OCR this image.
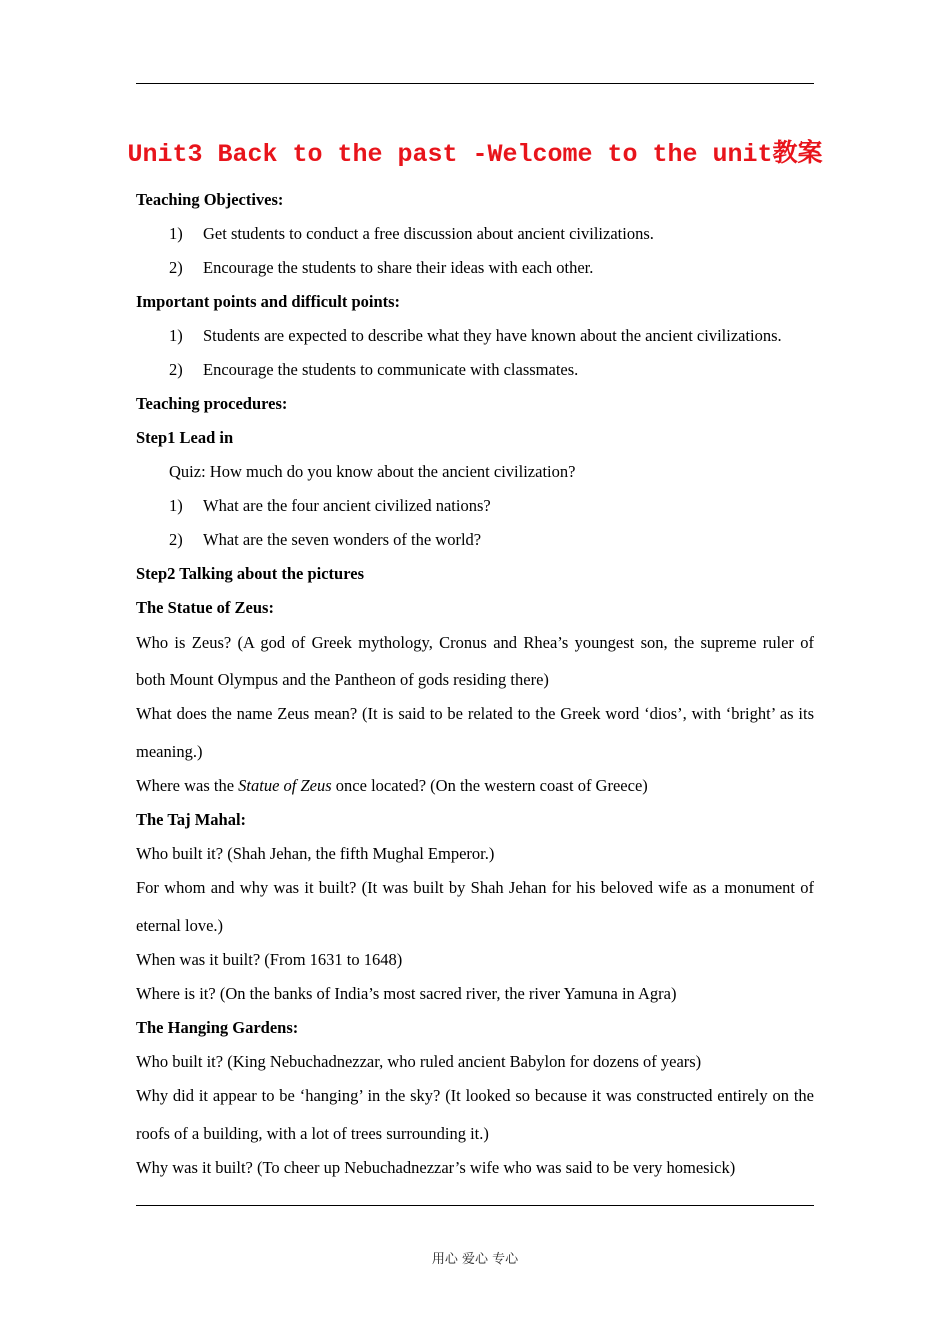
Unit3 Back to the past -Welcome to the unit教案
Teaching Objectives:
1) Get students to conduct a free discussion about ancient civilizations.
2) Encourage the students to share their ideas with each other.
Important points and difficult points:
1) Students are expected to describe what they have known about the ancient civilizations.
2) Encourage the students to communicate with classmates.
Teaching procedures:
Step1 Lead in
Quiz: How much do you know about the ancient civilization?
1) What are the four ancient civilized nations?
2) What are the seven wonders of the world?
Step2 Talking about the pictures
The Statue of Zeus:
Who is Zeus? (A god of Greek mythology, Cronus and Rhea’s youngest son, the supreme ruler of
both Mount Olympus and the Pantheon of gods residing there)
What does the name Zeus mean? (It is said to be related to the Greek word ‘dios’, with ‘bright’ as its
meaning.)
Where was the Statue of Zeus once located? (On the western coast of Greece)
The Taj Mahal:
Who built it? (Shah Jehan, the fifth Mughal Emperor.)
For whom and why was it built? (It was built by Shah Jehan for his beloved wife as a monument of
eternal love.)
When was it built? (From 1631 to 1648)
Where is it? (On the banks of India’s most sacred river, the river Yamuna in Agra)
The Hanging Gardens:
Who built it? (King Nebuchadnezzar, who ruled ancient Babylon for dozens of years)
Why did it appear to be ‘hanging’ in the sky? (It looked so because it was constructed entirely on the
roofs of a building, with a lot of trees surrounding it.)
Why was it built? (To cheer up Nebuchadnezzar’s wife who was said to be very homesick)
用心 爱心 专心
